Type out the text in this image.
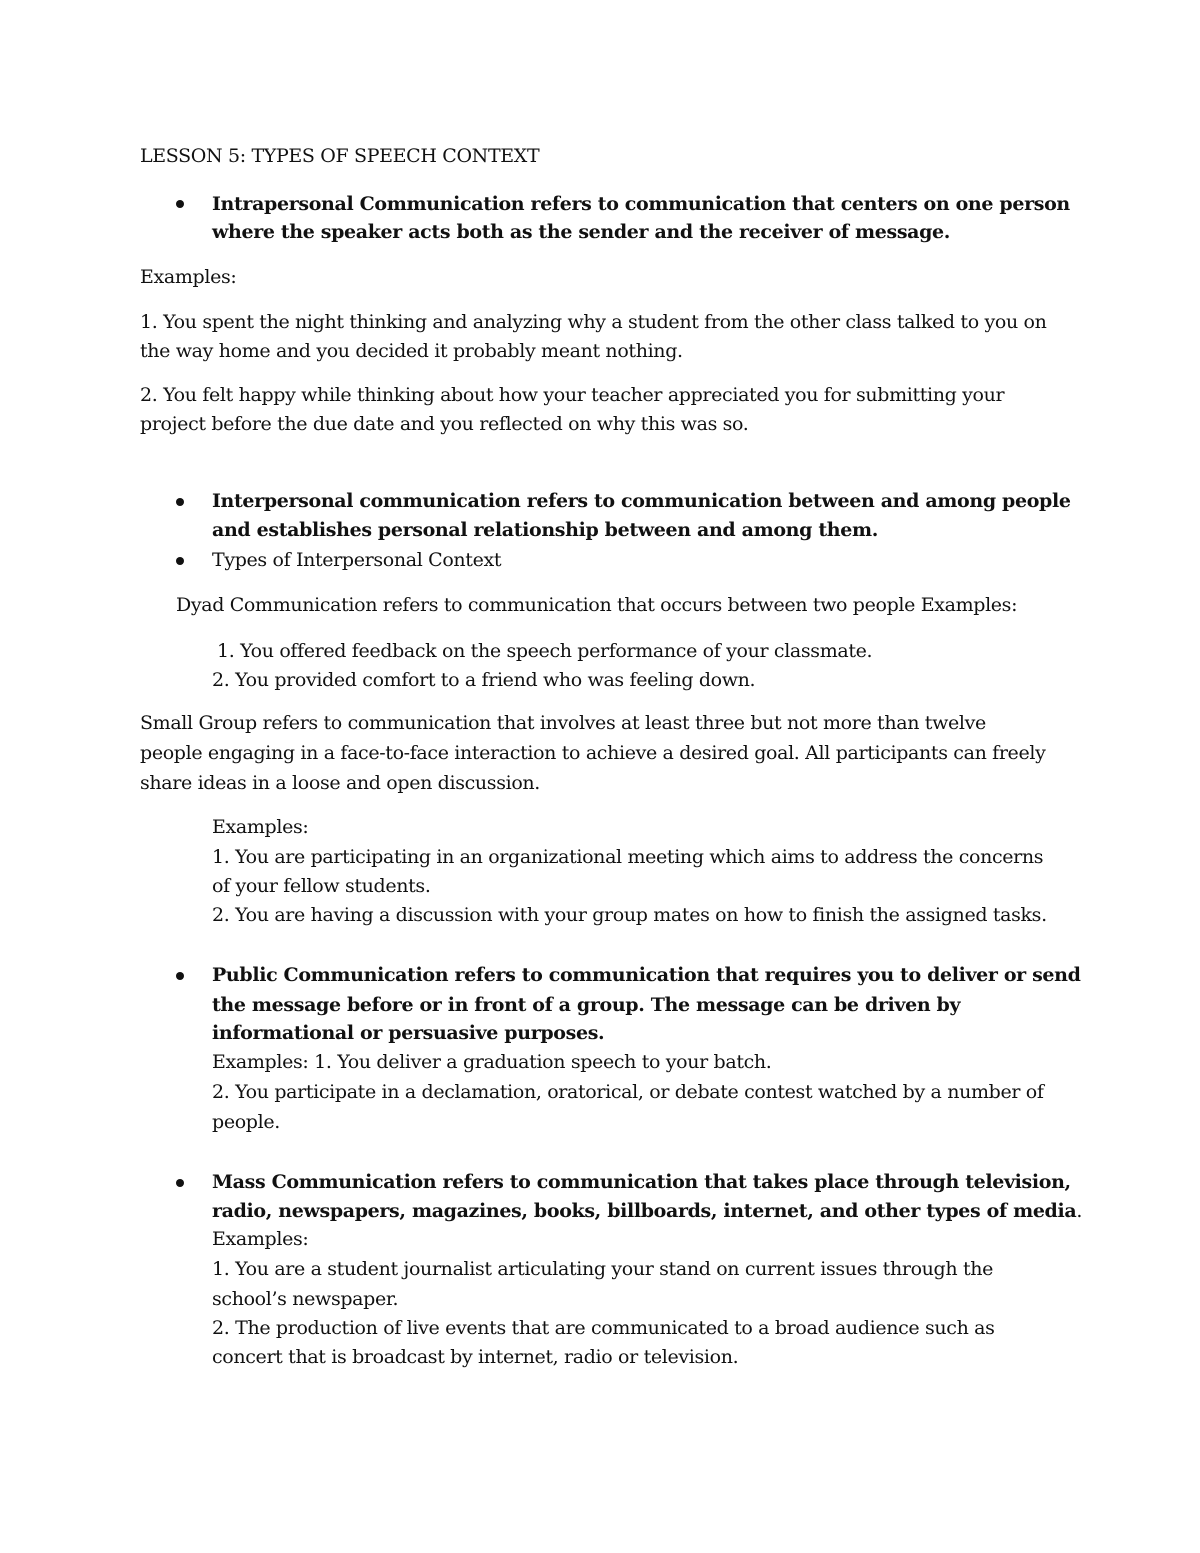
LESSON 5: TYPES OF SPEECH CONTEXT
Intrapersonal Communication refers to communication that centers on one person
where the speaker acts both as the sender and the receiver of message.
Examples:
1. You spent the night thinking and analyzing why a student from the other class talked to you on
the way home and you decided it probably meant nothing.
2. You felt happy while thinking about how your teacher appreciated you for submitting your
project before the due date and you reflected on why this was so.
Interpersonal communication refers to communication between and among people
and establishes personal relationship between and among them.
Types of Interpersonal Context
Dyad Communication refers to communication that occurs between two people Examples:
1. You offered feedback on the speech performance of your classmate.
2. You provided comfort to a friend who was feeling down.
Small Group refers to communication that involves at least three but not more than twelve
people engaging in a face-to-face interaction to achieve a desired goal. All participants can freely
share ideas in a loose and open discussion.
Examples:
1. You are participating in an organizational meeting which aims to address the concerns
of your fellow students.
2. You are having a discussion with your group mates on how to finish the assigned tasks.
Public Communication refers to communication that requires you to deliver or send
the message before or in front of a group. The message can be driven by
informational or persuasive purposes.
Examples: 1. You deliver a graduation speech to your batch.
2. You participate in a declamation, oratorical, or debate contest watched by a number of
people.
Mass Communication refers to communication that takes place through television,
radio, newspapers, magazines, books, billboards, internet, and other types of media.
Examples:
1. You are a student journalist articulating your stand on current issues through the
school’s newspaper.
2. The production of live events that are communicated to a broad audience such as
concert that is broadcast by internet, radio or television.
